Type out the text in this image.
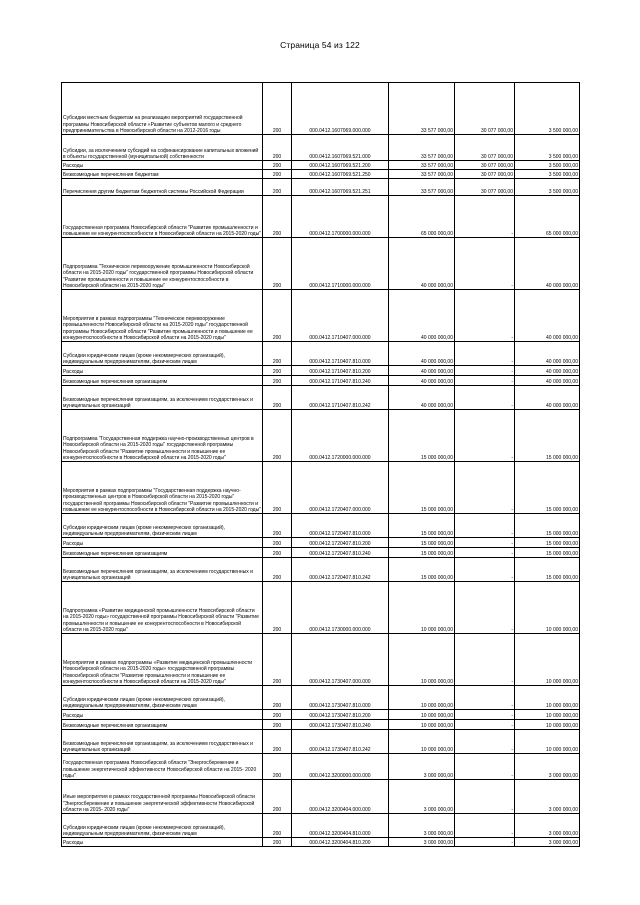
Страница 54 из 122
Субсидии местным бюджетам на реализацию мероприятий государственной программы Новосибирской области «Развитие субъектов малого и среднего предпринимательства в Новосибирской области на 2012-2016 годы	200	000.0412.1607069.000.000	33 577 000,00	30 077 000,00	3 500 000,00
Субсидии, за исключением субсидий на софинансирование капитальных вложений в объекты государственной (муниципальной) собственности	200	000.0412.1607069.521.000	33 577 000,00	30 077 000,00	3 500 000,00
Расходы	200	000.0412.1607069.521.200	33 577 000,00	30 077 000,00	3 500 000,00
Безвозмездные перечисления бюджетам	200	000.0412.1607069.521.250	33 577 000,00	30 077 000,00	3 500 000,00
Перечисления другим бюджетам бюджетной системы Российской Федерации	200	000.0412.1607069.521.251	33 577 000,00	30 077 000,00	3 500 000,00
Государственная программа Новосибирской области "Развитие промышленности и повышение ее конкурентоспособности в Новосибирской области на 2015-2020 годы"	200	000.0412.1700000.000.000	65 000 000,00	-	65 000 000,00
Подпрограмма "Техническое перевооружение промышленности Новосибирской области на 2015-2020 годы" государственной программы Новосибирской области "Развитие промышленности и повышение ее конкурентоспособности в Новосибирской области на 2015-2020 годы"	200	000.0412.1710000.000.000	40 000 000,00	-	40 000 000,00
Мероприятия в рамках подпрограммы "Техническое перевооружение промышленности Новосибирской области на 2015-2020 годы" государственной программы Новосибирской области "Развитие промышленности и повышение ее конкурентоспособности в Новосибирской области на 2015-2020 годы"	200	000.0412.1710407.000.000	40 000 000,00	-	40 000 000,00
Субсидии юридическим лицам (кроме некоммерческих организаций), индивидуальным предпринимателям, физическим лицам	200	000.0412.1710407.810.000	40 000 000,00	-	40 000 000,00
Расходы	200	000.0412.1710407.810.200	40 000 000,00	-	40 000 000,00
Безвозмездные перечисления организациям	200	000.0412.1710407.810.240	40 000 000,00	-	40 000 000,00
Безвозмездные перечисления организациям, за исключением государственных и муниципальных организаций	200	000.0412.1710407.810.242	40 000 000,00	-	40 000 000,00
Подпрограмма "Государственная поддержка научно-производственных центров в Новосибирской области на 2015-2020 годы" государственной программы Новосибирской области "Развитие промышленности и повышение ее конкурентоспособности в Новосибирской области на 2015-2020 годы"	200	000.0412.1720000.000.000	15 000 000,00	-	15 000 000,00
Мероприятия в рамках подпрограммы "Государственная поддержка научно-производственных центров в Новосибирской области на 2015-2020 годы" государственной программы Новосибирской области "Развитие промышленности и повышение ее конкурентоспособности в Новосибирской области на 2015-2020 годы"	200	000.0412.1720407.000.000	15 000 000,00	-	15 000 000,00
Субсидии юридическим лицам (кроме некоммерческих организаций), индивидуальным предпринимателям, физическим лицам	200	000.0412.1720407.810.000	15 000 000,00	-	15 000 000,00
Расходы	200	000.0412.1720407.810.200	15 000 000,00	-	15 000 000,00
Безвозмездные перечисления организациям	200	000.0412.1720407.810.240	15 000 000,00	-	15 000 000,00
Безвозмездные перечисления организациям, за исключением государственных и муниципальных организаций	200	000.0412.1720407.810.242	15 000 000,00	-	15 000 000,00
Подпрограмма «Развитие медицинской промышленности Новосибирской области на 2015-2020 годы» государственной программы Новосибирской области "Развитие промышленности и повышение ее конкурентоспособности в Новосибирской области на 2015-2020 годы"	200	000.0412.1730000.000.000	10 000 000,00	-	10 000 000,00
Мероприятия в рамках подпрограммы «Развитие медицинской промышленности Новосибирской области на 2015-2020 годы» государственной программы Новосибирской области "Развитие промышленности и повышение ее конкурентоспособности в Новосибирской области на 2015-2020 годы"	200	000.0412.1730407.000.000	10 000 000,00	-	10 000 000,00
Субсидии юридическим лицам (кроме некоммерческих организаций), индивидуальным предпринимателям, физическим лицам	200	000.0412.1730407.810.000	10 000 000,00	-	10 000 000,00
Расходы	200	000.0412.1730407.810.200	10 000 000,00	-	10 000 000,00
Безвозмездные перечисления организациям	200	000.0412.1730407.810.240	10 000 000,00	-	10 000 000,00
Безвозмездные перечисления организациям, за исключением государственных и муниципальных организаций	200	000.0412.1730407.810.242	10 000 000,00	-	10 000 000,00
Государственная программа Новосибирской области "Энергосбережение и повышение энергетической эффективности Новосибирской области на 2015- 2020 годы"	200	000.0412.3200000.000.000	3 000 000,00	-	3 000 000,00
Иные мероприятия в рамках государственной программы Новосибирской области "Энергосбережение и повышение энергетической эффективности Новосибирской области на 2015- 2020 годы"	200	000.0412.3200404.000.000	3 000 000,00	-	3 000 000,00
Субсидии юридическим лицам (кроме некоммерческих организаций), индивидуальным предпринимателям, физическим лицам	200	000.0412.3200404.810.000	3 000 000,00	-	3 000 000,00
Расходы	200	000.0412.3200404.810.200	3 000 000,00	-	3 000 000,00
